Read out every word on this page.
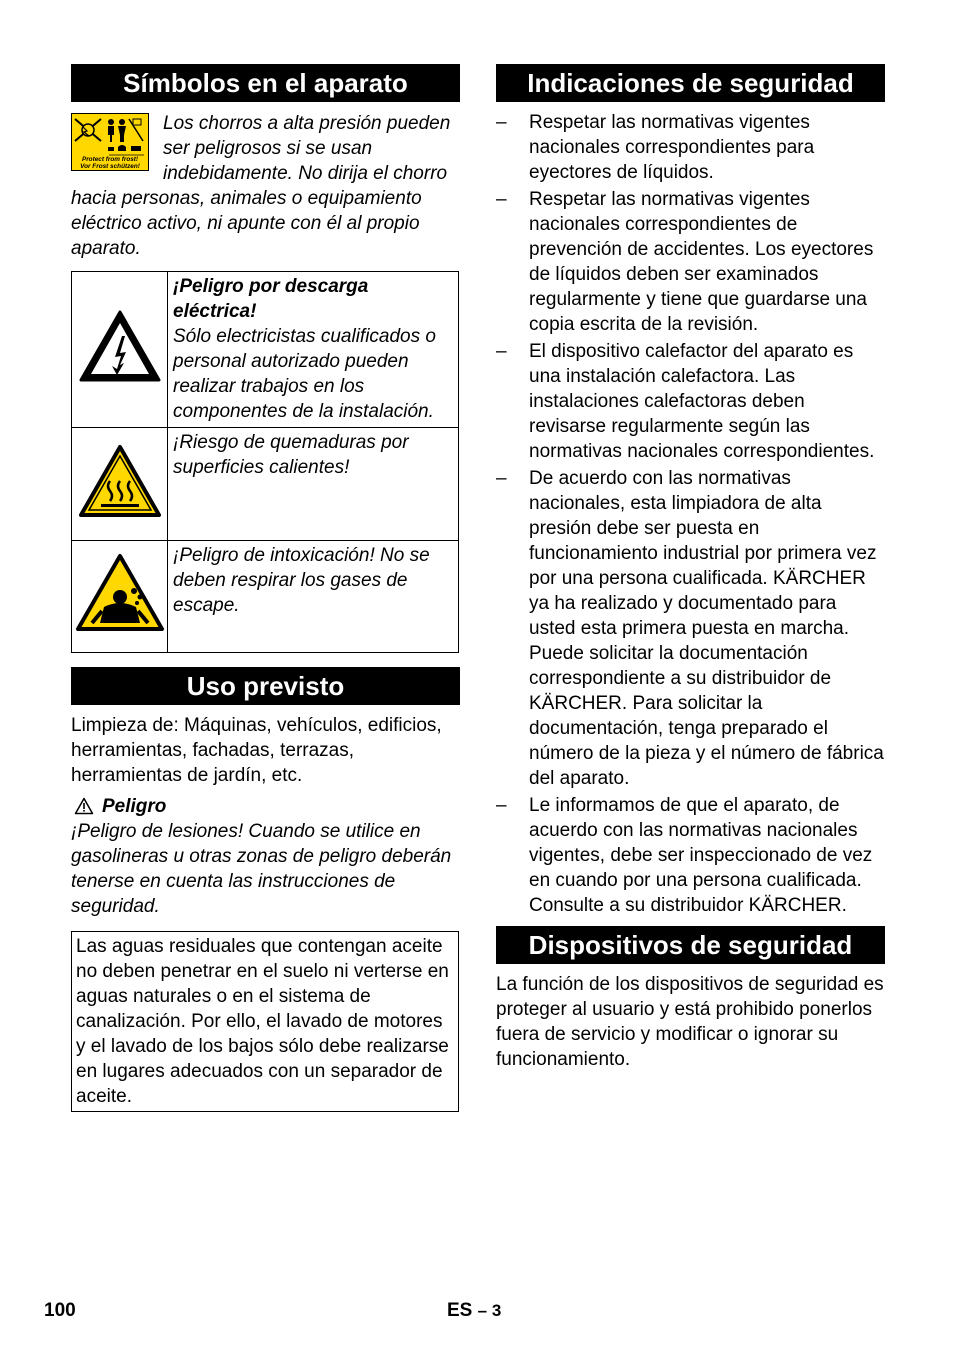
Símbolos en el aparato
Protect from frost!
Vor Frost schützen!

Los chorros a alta presión pueden ser peligrosos si se usan indebidamente. No dirija el chorro hacia personas, animales o equipamiento eléctrico activo, ni apunte con él al propio aparato.

¡Peligro por descarga eléctrica!
Sólo electricistas cualificados o personal autorizado pueden realizar trabajos en los componentes de la instalación.

¡Riesgo de quemaduras por superficies calientes!

¡Peligro de intoxicación! No se deben respirar los gases de escape.
Uso previsto

Limpieza de: Máquinas, vehículos, edificios, herramientas, fachadas, terrazas, herramientas de jardín, etc.

Peligro

¡Peligro de lesiones! Cuando se utilice en gasolineras u otras zonas de peligro deberán tenerse en cuenta las instrucciones de seguridad.

Las aguas residuales que contengan aceite no deben penetrar en el suelo ni verterse en aguas naturales o en el sistema de canalización. Por ello, el lavado de motores y el lavado de los bajos sólo debe realizarse en lugares adecuados con un separador de aceite.

Indicaciones de seguridad
– Respetar las normativas vigentes nacionales correspondientes para eyectores de líquidos.
– Respetar las normativas vigentes nacionales correspondientes de prevención de accidentes. Los eyectores de líquidos deben ser examinados regularmente y tiene que guardarse una copia escrita de la revisión.
– El dispositivo calefactor del aparato es una instalación calefactora. Las instalaciones calefactoras deben revisarse regularmente según las normativas nacionales correspondientes.
– De acuerdo con las normativas nacionales, esta limpiadora de alta presión debe ser puesta en funcionamiento industrial por primera vez por una persona cualificada. KÄRCHER ya ha realizado y documentado para usted esta primera puesta en marcha. Puede solicitar la documentación correspondiente a su distribuidor de KÄRCHER. Para solicitar la documentación, tenga preparado el número de la pieza y el número de fábrica del aparato.
– Le informamos de que el aparato, de acuerdo con las normativas nacionales vigentes, debe ser inspeccionado de vez en cuando por una persona cualificada. Consulte a su distribuidor KÄRCHER.
Dispositivos de seguridad

La función de los dispositivos de seguridad es proteger al usuario y está prohibido ponerlos fuera de servicio y modificar o ignorar su funcionamiento.

100	ES – 3
